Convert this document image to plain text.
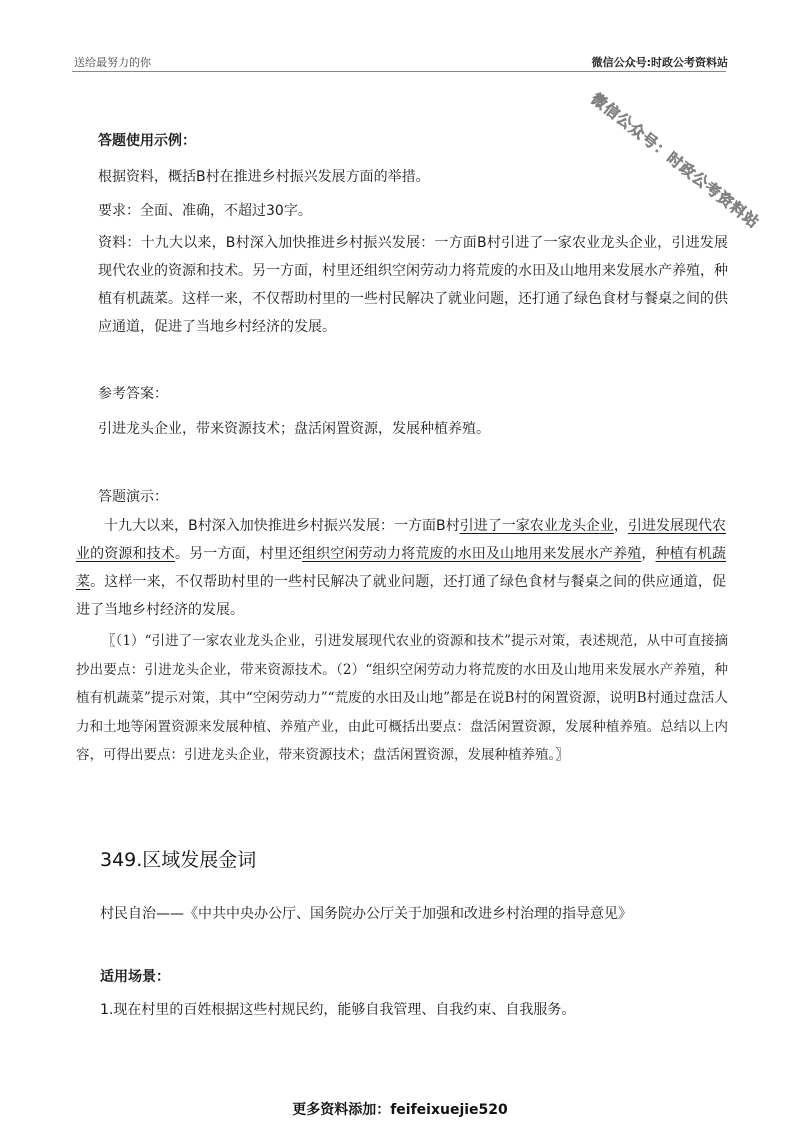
送给最努力的你	微信公众号:时政公考资料站
微信公众号：时政公考资料站
答题使用示例：
根据资料，概括B村在推进乡村振兴发展方面的举措。
要求：全面、准确，不超过30字。
资料：十九大以来，B村深入加快推进乡村振兴发展：一方面B村引进了一家农业龙头企业，引进发展现代农业的资源和技术。另一方面，村里还组织空闲劳动力将荒废的水田及山地用来发展水产养殖，种植有机蔬菜。这样一来，不仅帮助村里的一些村民解决了就业问题，还打通了绿色食材与餐桌之间的供应通道，促进了当地乡村经济的发展。
参考答案：
引进龙头企业，带来资源技术；盘活闲置资源，发展种植养殖。
答题演示：
十九大以来，B村深入加快推进乡村振兴发展：一方面B村引进了一家农业龙头企业，引进发展现代农业的资源和技术。另一方面，村里还组织空闲劳动力将荒废的水田及山地用来发展水产养殖，种植有机蔬菜。这样一来，不仅帮助村里的一些村民解决了就业问题，还打通了绿色食材与餐桌之间的供应通道，促进了当地乡村经济的发展。
〖（1）“引进了一家农业龙头企业，引进发展现代农业的资源和技术”提示对策，表述规范，从中可直接摘抄出要点：引进龙头企业，带来资源技术。（2）“组织空闲劳动力将荒废的水田及山地用来发展水产养殖，种植有机蔬菜”提示对策，其中“空闲劳动力”“荒废的水田及山地”都是在说B村的闲置资源，说明B村通过盘活人力和土地等闲置资源来发展种植、养殖产业，由此可概括出要点：盘活闲置资源，发展种植养殖。总结以上内容，可得出要点：引进龙头企业，带来资源技术；盘活闲置资源，发展种植养殖。〗
349.区域发展金词
村民自治——《中共中央办公厅、国务院办公厅关于加强和改进乡村治理的指导意见》
适用场景：
1.现在村里的百姓根据这些村规民约，能够自我管理、自我约束、自我服务。
更多资料添加：feifeixuejie520
